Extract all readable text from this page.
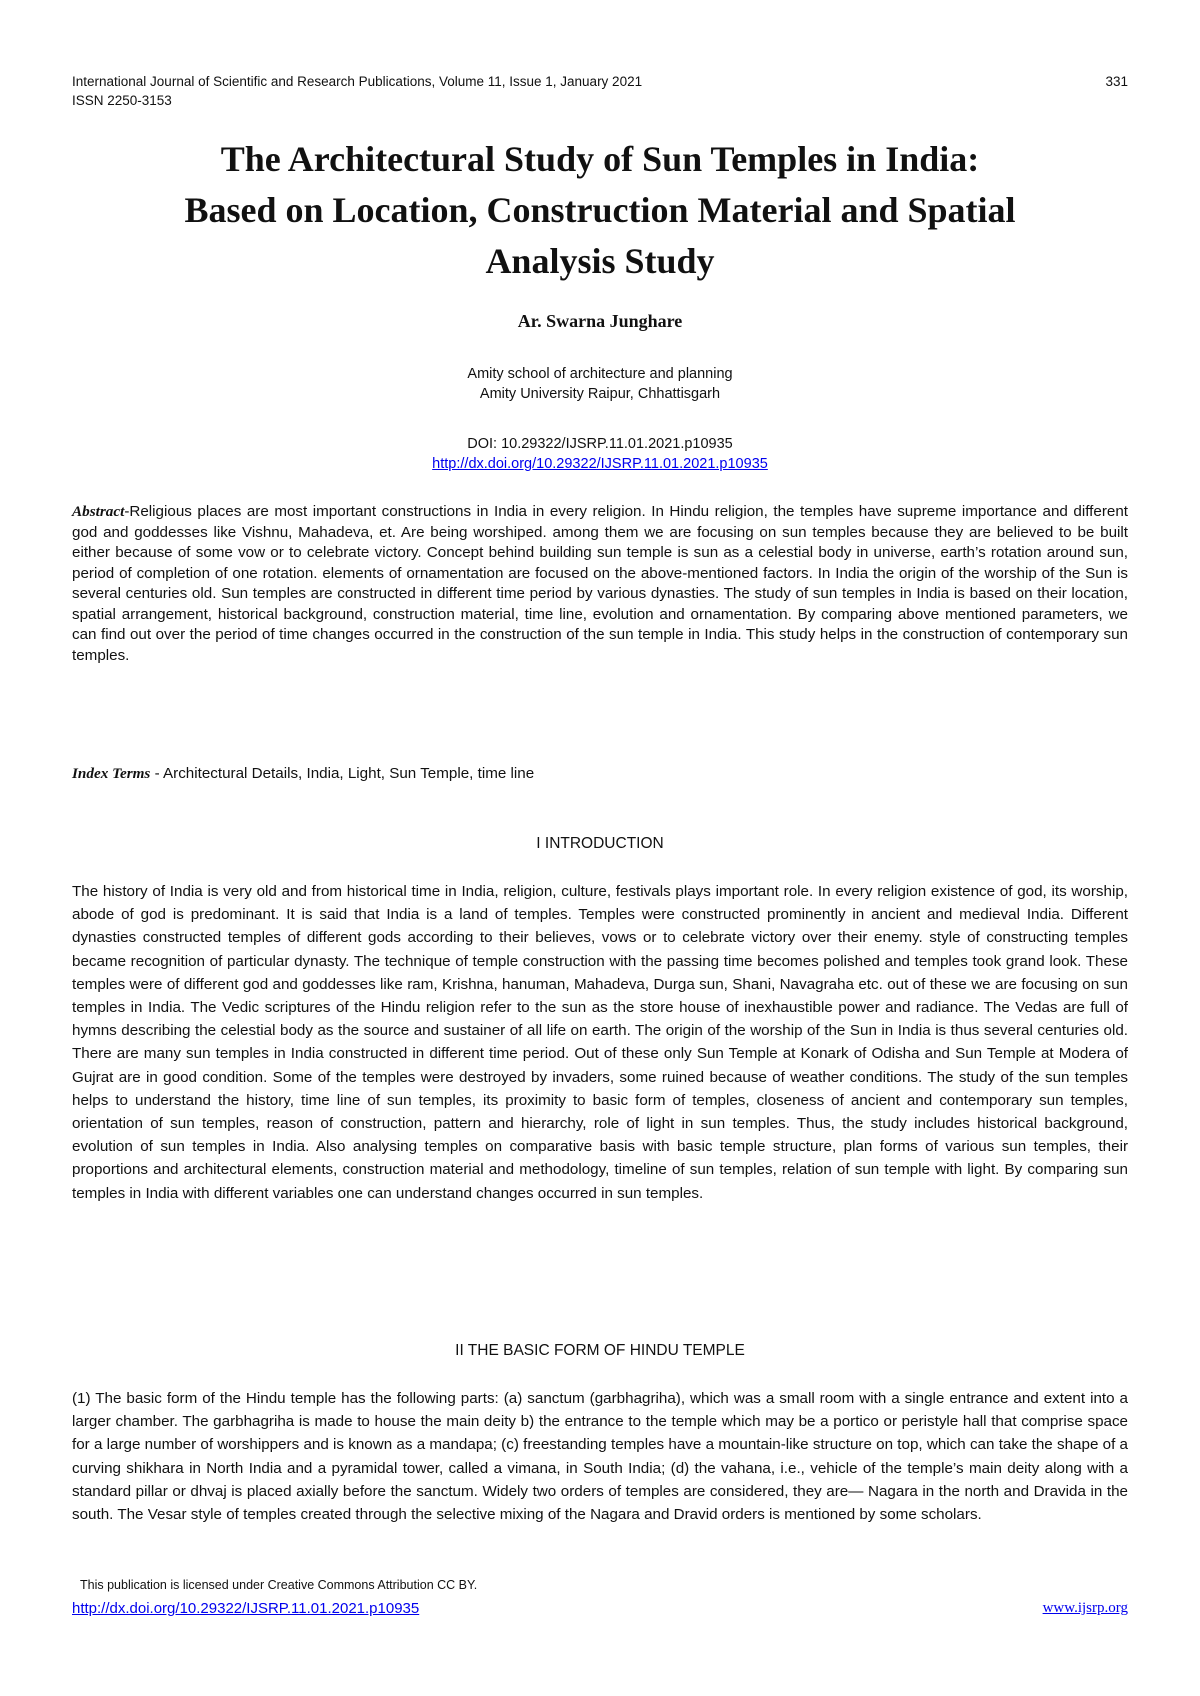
International Journal of Scientific and Research Publications, Volume 11, Issue 1, January 2021
ISSN 2250-3153
331
The Architectural Study of Sun Temples in India:
Based on Location, Construction Material and Spatial
Analysis Study
Ar. Swarna Junghare
Amity school of architecture and planning
Amity University Raipur, Chhattisgarh
DOI: 10.29322/IJSRP.11.01.2021.p10935
http://dx.doi.org/10.29322/IJSRP.11.01.2021.p10935

Abstract-Religious places are most important constructions in India in every religion. In Hindu religion, the temples have supreme importance and different god and goddesses like Vishnu, Mahadeva, et. Are being worshiped. among them we are focusing on sun temples because they are believed to be built either because of some vow or to celebrate victory. Concept behind building sun temple is sun as a celestial body in universe, earth’s rotation around sun, period of completion of one rotation. elements of ornamentation are focused on the above-mentioned factors. In India the origin of the worship of the Sun is several centuries old. Sun temples are constructed in different time period by various dynasties. The study of sun temples in India is based on their location, spatial arrangement, historical background, construction material, time line, evolution and ornamentation. By comparing above mentioned parameters, we can find out over the period of time changes occurred in the construction of the sun temple in India. This study helps in the construction of contemporary sun temples.

Index Terms - Architectural Details, India, Light, Sun Temple, time line

I INTRODUCTION

The history of India is very old and from historical time in India, religion, culture, festivals plays important role. In every religion existence of god, its worship, abode of god is predominant. It is said that India is a land of temples. Temples were constructed prominently in ancient and medieval India. Different dynasties constructed temples of different gods according to their believes, vows or to celebrate victory over their enemy. style of constructing temples became recognition of particular dynasty. The technique of temple construction with the passing time becomes polished and temples took grand look. These temples were of different god and goddesses like ram, Krishna, hanuman, Mahadeva, Durga sun, Shani, Navagraha etc. out of these we are focusing on sun temples in India. The Vedic scriptures of the Hindu religion refer to the sun as the store house of inexhaustible power and radiance. The Vedas are full of hymns describing the celestial body as the source and sustainer of all life on earth. The origin of the worship of the Sun in India is thus several centuries old. There are many sun temples in India constructed in different time period. Out of these only Sun Temple at Konark of Odisha and Sun Temple at Modera of Gujrat are in good condition. Some of the temples were destroyed by invaders, some ruined because of weather conditions. The study of the sun temples helps to understand the history, time line of sun temples, its proximity to basic form of temples, closeness of ancient and contemporary sun temples, orientation of sun temples, reason of construction, pattern and hierarchy, role of light in sun temples. Thus, the study includes historical background, evolution of sun temples in India. Also analysing temples on comparative basis with basic temple structure, plan forms of various sun temples, their proportions and architectural elements, construction material and methodology, timeline of sun temples, relation of sun temple with light. By comparing sun temples in India with different variables one can understand changes occurred in sun temples.

II THE BASIC FORM OF HINDU TEMPLE

(1) The basic form of the Hindu temple has the following parts: (a) sanctum (garbhagriha), which was a small room with a single entrance and extent into a larger chamber. The garbhagriha is made to house the main deity b) the entrance to the temple which may be a portico or peristyle hall that comprise space for a large number of worshippers and is known as a mandapa; (c) freestanding temples have a mountain-like structure on top, which can take the shape of a curving shikhara in North India and a pyramidal tower, called a vimana, in South India; (d) the vahana, i.e., vehicle of the temple’s main deity along with a standard pillar or dhvaj is placed axially before the sanctum. Widely two orders of temples are considered, they are— Nagara in the north and Dravida in the south. The Vesar style of temples created through the selective mixing of the Nagara and Dravid orders is mentioned by some scholars.

This publication is licensed under Creative Commons Attribution CC BY.
http://dx.doi.org/10.29322/IJSRP.11.01.2021.p10935	www.ijsrp.org
